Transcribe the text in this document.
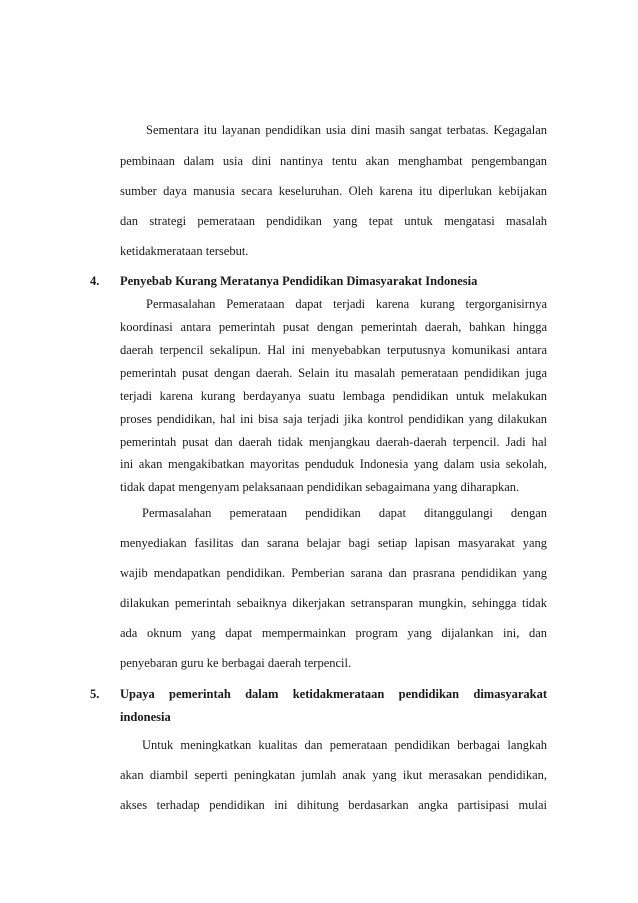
Sementara itu layanan pendidikan usia dini masih sangat terbatas. Kegagalan
pembinaan dalam usia dini nantinya tentu akan menghambat pengembangan
sumber daya manusia secara keseluruhan. Oleh karena itu diperlukan kebijakan
dan strategi pemerataan pendidikan yang tepat untuk mengatasi masalah
ketidakmerataan tersebut.
4. Penyebab Kurang Meratanya Pendidikan Dimasyarakat Indonesia
Permasalahan Pemerataan dapat terjadi karena kurang tergorganisirnya
koordinasi antara pemerintah pusat dengan pemerintah daerah, bahkan hingga
daerah terpencil sekalipun. Hal ini menyebabkan terputusnya komunikasi antara
pemerintah pusat dengan daerah. Selain itu masalah pemerataan pendidikan juga
terjadi karena kurang berdayanya suatu lembaga pendidikan untuk melakukan
proses pendidikan, hal ini bisa saja terjadi jika kontrol pendidikan yang dilakukan
pemerintah pusat dan daerah tidak menjangkau daerah-daerah terpencil. Jadi hal
ini akan mengakibatkan mayoritas penduduk Indonesia yang dalam usia sekolah,
tidak dapat mengenyam pelaksanaan pendidikan sebagaimana yang diharapkan.
Permasalahan pemerataan pendidikan dapat ditanggulangi dengan
menyediakan fasilitas dan sarana belajar bagi setiap lapisan masyarakat yang
wajib mendapatkan pendidikan. Pemberian sarana dan prasrana pendidikan yang
dilakukan pemerintah sebaiknya dikerjakan setransparan mungkin, sehingga tidak
ada oknum yang dapat mempermainkan program yang dijalankan ini, dan
penyebaran guru ke berbagai daerah terpencil.
5. Upaya pemerintah dalam ketidakmerataan pendidikan dimasyarakat
indonesia
Untuk meningkatkan kualitas dan pemerataan pendidikan berbagai langkah
akan diambil seperti peningkatan jumlah anak yang ikut merasakan pendidikan,
akses terhadap pendidikan ini dihitung berdasarkan angka partisipasi mulai
